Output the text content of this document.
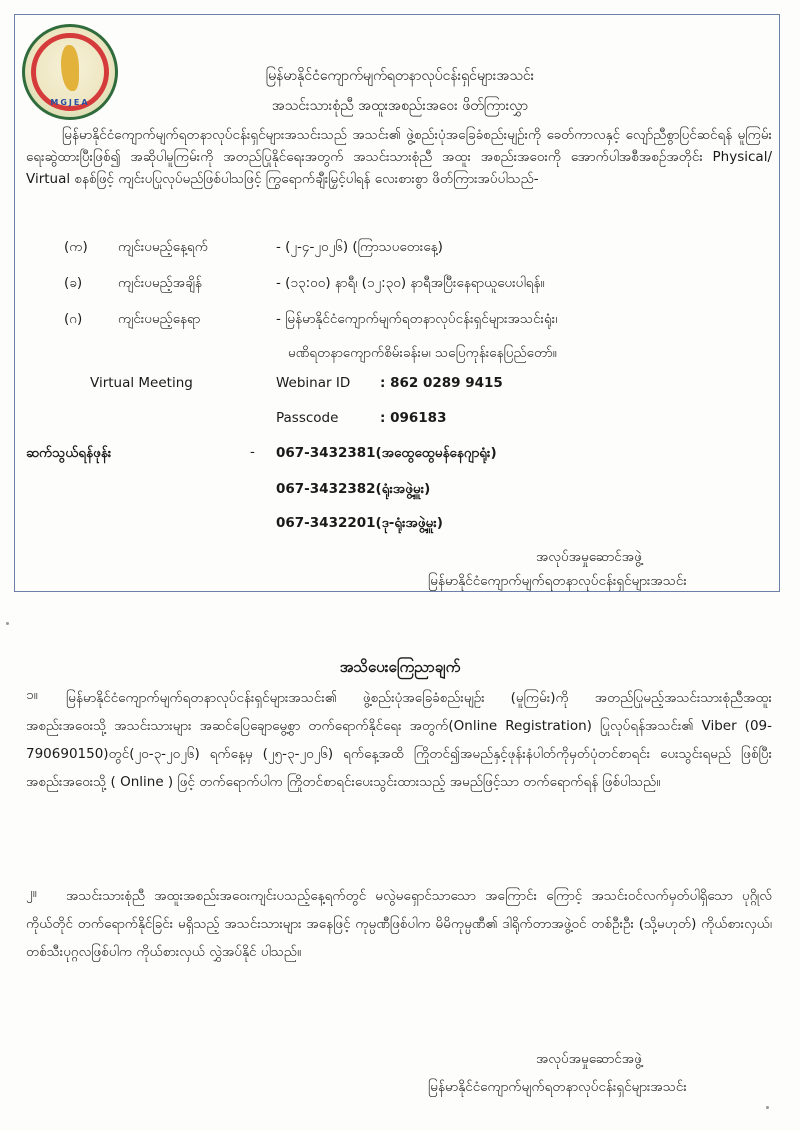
MGJEA
မြန်မာနိုင်ငံကျောက်မျက်ရတနာလုပ်ငန်းရှင်များအသင်း
အသင်းသားစုံညီ အထူးအစည်းအဝေး ဖိတ်ကြားလွှာ
မြန်မာနိုင်ငံကျောက်မျက်ရတနာလုပ်ငန်းရှင်များအသင်းသည် အသင်း၏ ဖွဲ့စည်းပုံအခြေခံစည်းမျဉ်းကို ခေတ်ကာလနှင့် လျော်ညီစွာပြင်ဆင်ရန် မူကြမ်းရေးဆွဲထားပြီးဖြစ်၍ အဆိုပါမူကြမ်းကို အတည်ပြုနိုင်ရေးအတွက် အသင်းသားစုံညီ အထူး အစည်းအဝေးကို အောက်ပါအစီအစဉ်အတိုင်း Physical/ Virtual စနစ်ဖြင့် ကျင်းပပြုလုပ်မည်ဖြစ်ပါသဖြင့် ကြွရောက်ချီးမြှင့်ပါရန် လေးစားစွာ ဖိတ်ကြားအပ်ပါသည်-
(က) ကျင်းပမည့်နေ့ရက်	- (၂-၄-၂၀၂၆) (ကြာသပတေးနေ့)
(ခ)	ကျင်းပမည့်အချိန်	- (၁၃:၀၀) နာရီ၊ (၁၂:၃၀) နာရီအပြီးနေရာယူပေးပါရန်။
(ဂ)	ကျင်းပမည့်နေရာ	- မြန်မာနိုင်ငံကျောက်မျက်ရတနာလုပ်ငန်းရှင်များအသင်းရုံး၊
မဏိရတနာကျောက်စိမ်းခန်းမ၊ သပြေကုန်းနေပြည်တော်။
Virtual Meeting	Webinar ID : 862 0289 9415
Passcode	: 096183
ဆက်သွယ်ရန်ဖုန်း	- 067-3432381(အထွေထွေမန်နေဂျာရုံး)
067-3432382(ရုံးအဖွဲ့မှူး)
067-3432201(ဒု-ရုံးအဖွဲ့မှူး)
အလုပ်အမှုဆောင်အဖွဲ့
မြန်မာနိုင်ငံကျောက်မျက်ရတနာလုပ်ငန်းရှင်များအသင်း
အသိပေးကြေညာချက်
၁။	မြန်မာနိုင်ငံကျောက်မျက်ရတနာလုပ်ငန်းရှင်များအသင်း၏ ဖွဲ့စည်းပုံအခြေခံစည်းမျဉ်း (မူကြမ်း)ကို အတည်ပြုမည့်အသင်းသားစုံညီအထူးအစည်းအဝေးသို့ အသင်းသားများ အဆင်ပြေချောမွေ့စွာ တက်ရောက်နိုင်ရေး အတွက်(Online Registration) ပြုလုပ်ရန်အသင်း၏ Viber (09-790690150)တွင်(၂၀-၃-၂၀၂၆) ရက်နေ့မှ (၂၅-၃-၂၀၂၆) ရက်နေ့အထိ ကြိုတင်၍အမည်နှင့်ဖုန်းနံပါတ်ကိုမှတ်ပုံတင်စာရင်း ပေးသွင်းရမည် ဖြစ်ပြီး အစည်းအဝေးသို့ ( Online ) ဖြင့် တက်ရောက်ပါက ကြိုတင်စာရင်းပေးသွင်းထားသည့် အမည်ဖြင့်သာ တက်ရောက်ရန် ဖြစ်ပါသည်။
၂။	အသင်းသားစုံညီ အထူးအစည်းအဝေးကျင်းပသည့်နေ့ရက်တွင် မလွဲမရှောင်သာသော အကြောင်း ကြောင့် အသင်းဝင်လက်မှတ်ပါရှိသော ပုဂ္ဂိုလ်ကိုယ်တိုင် တက်ရောက်နိုင်ခြင်း မရှိသည့် အသင်းသားများ အနေဖြင့် ကုမ္ပဏီဖြစ်ပါက မိမိကုမ္ပဏီ၏ ဒါရိုက်တာအဖွဲ့ဝင် တစ်ဦးဦး (သို့မဟုတ်) ကိုယ်စားလှယ်၊ တစ်သီးပုဂ္ဂလဖြစ်ပါက ကိုယ်စားလှယ် လွှဲအပ်နိုင် ပါသည်။
အလုပ်အမှုဆောင်အဖွဲ့
မြန်မာနိုင်ငံကျောက်မျက်ရတနာလုပ်ငန်းရှင်များအသင်း
